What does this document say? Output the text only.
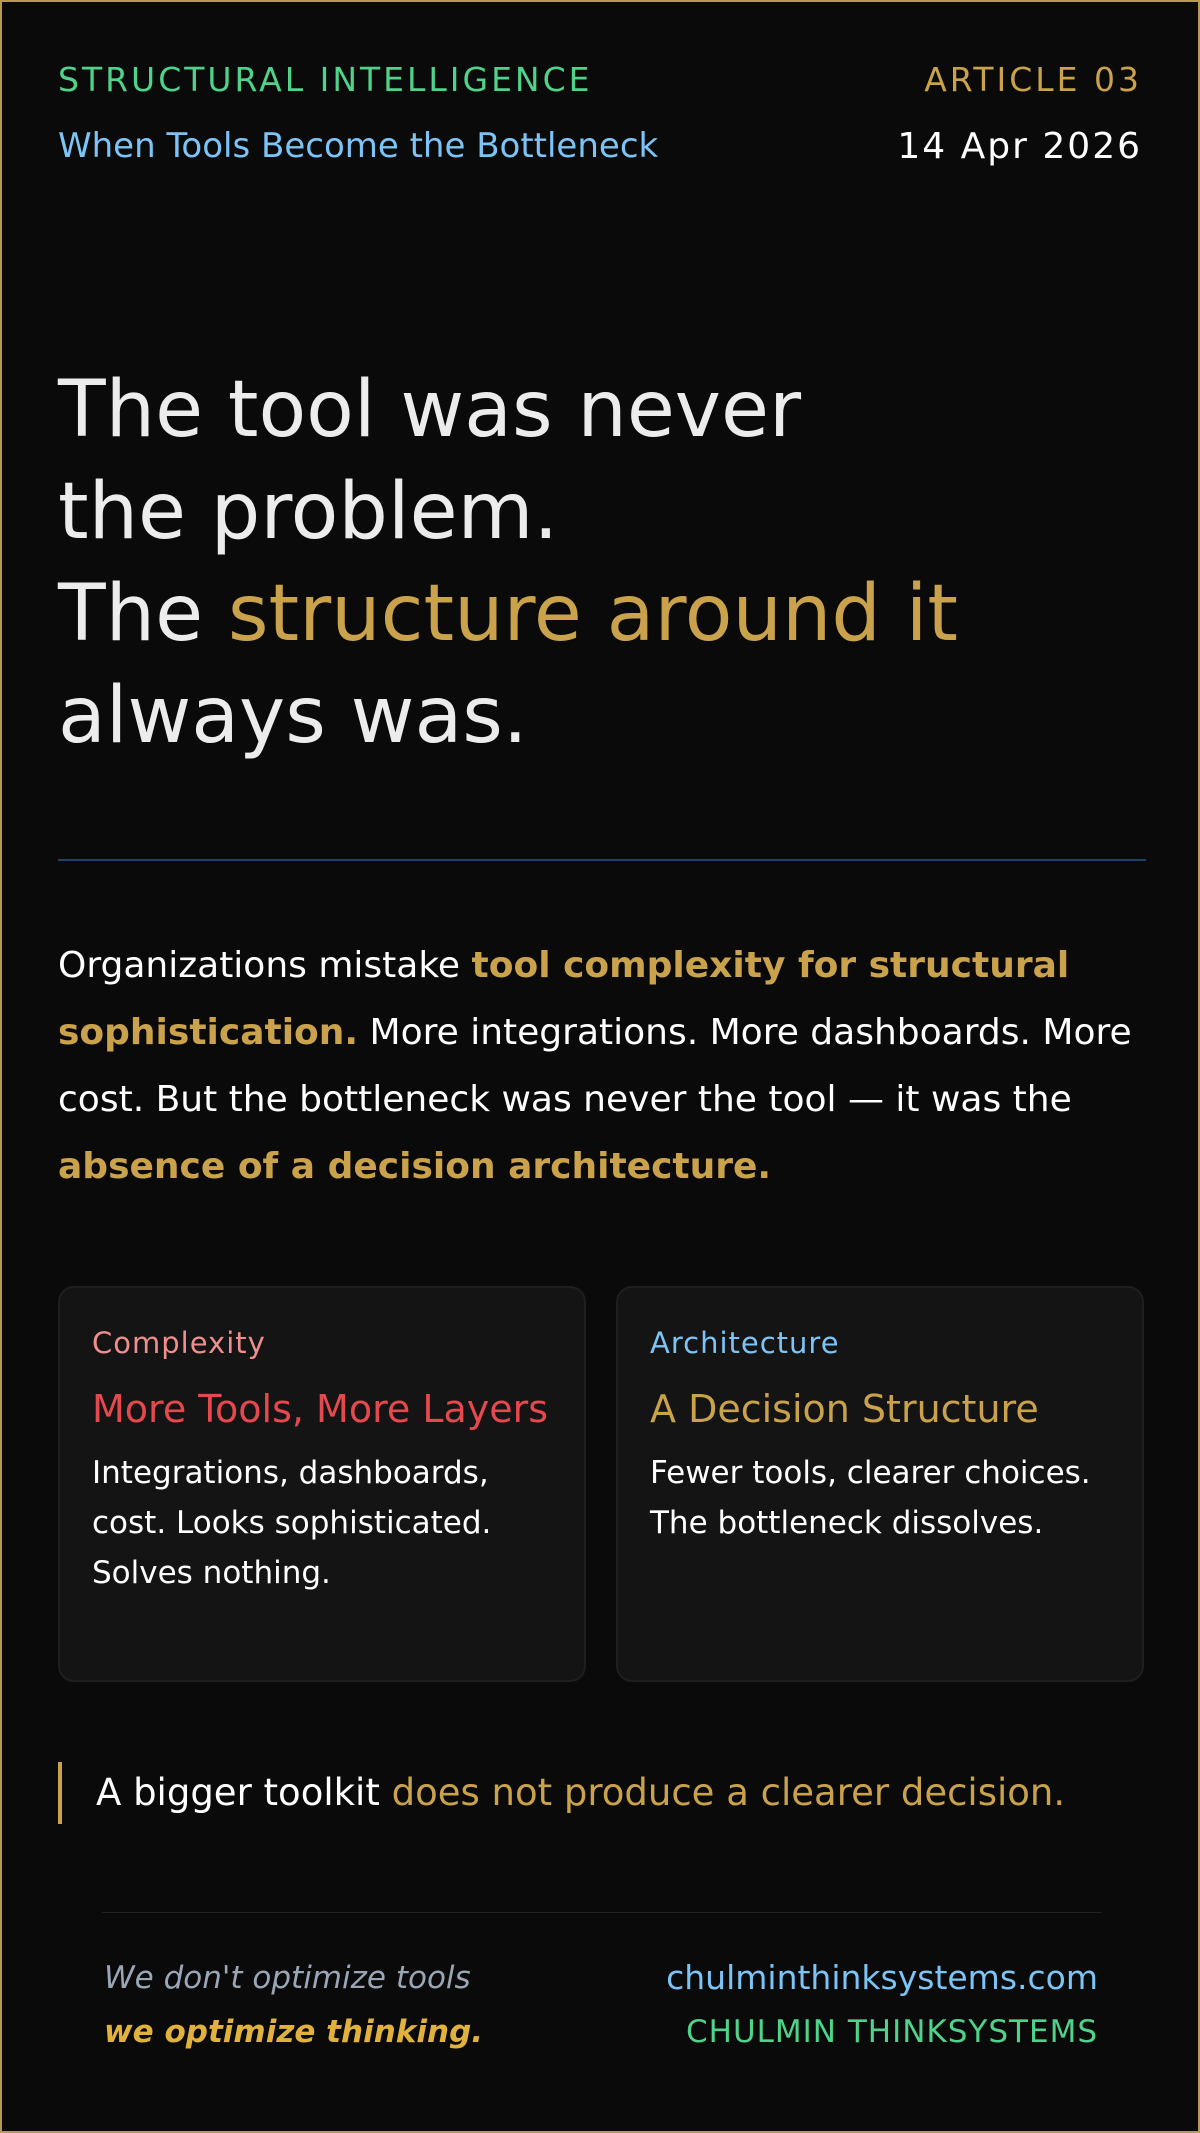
STRUCTURAL INTELLIGENCE
When Tools Become the Bottleneck
ARTICLE 03
14 Apr 2026
The tool was never
the problem.
The structure around it
always was.

Organizations mistake tool complexity for structural sophistication. More integrations. More dashboards. More cost. But the bottleneck was never the tool — it was the absence of a decision architecture.

Complexity
More Tools, More Layers
Integrations, dashboards, cost. Looks sophisticated. Solves nothing.
Architecture
A Decision Structure
Fewer tools, clearer choices. The bottleneck dissolves.
A bigger toolkit does not produce a clearer decision.
We don't optimize tools
we optimize thinking.
chulminthinksystems.com
CHULMIN THINKSYSTEMS
